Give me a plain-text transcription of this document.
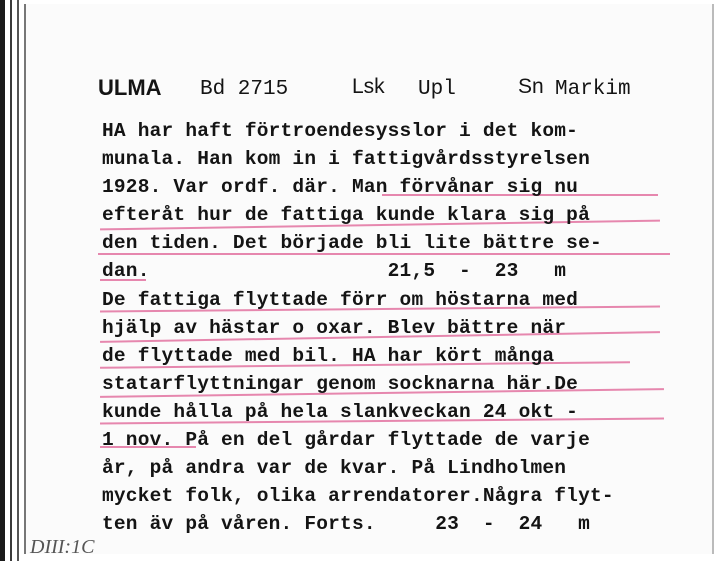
ULMA Bd 2715	Lsk Upl	Sn Markim
HA har haft förtroendesysslor i det kom-
munala. Han kom in i fattigvårdsstyrelsen
1928. Var ordf. där. Man förvånar sig nu
efteråt hur de fattiga kunde klara sig på
den tiden. Det började bli lite bättre se-
dan.                    21,5  -  23   m
De fattiga flyttade förr om höstarna med
hjälp av hästar o oxar. Blev bättre när
de flyttade med bil. HA har kört många
statarflyttningar genom socknarna här.De
kunde hålla på hela slankveckan 24 okt -
1 nov. På en del gårdar flyttade de varje
år, på andra var de kvar. På Lindholmen
mycket folk, olika arrendatorer.Några flyt-
ten äv på våren. Forts.     23  -  24   m
DIII:1C
